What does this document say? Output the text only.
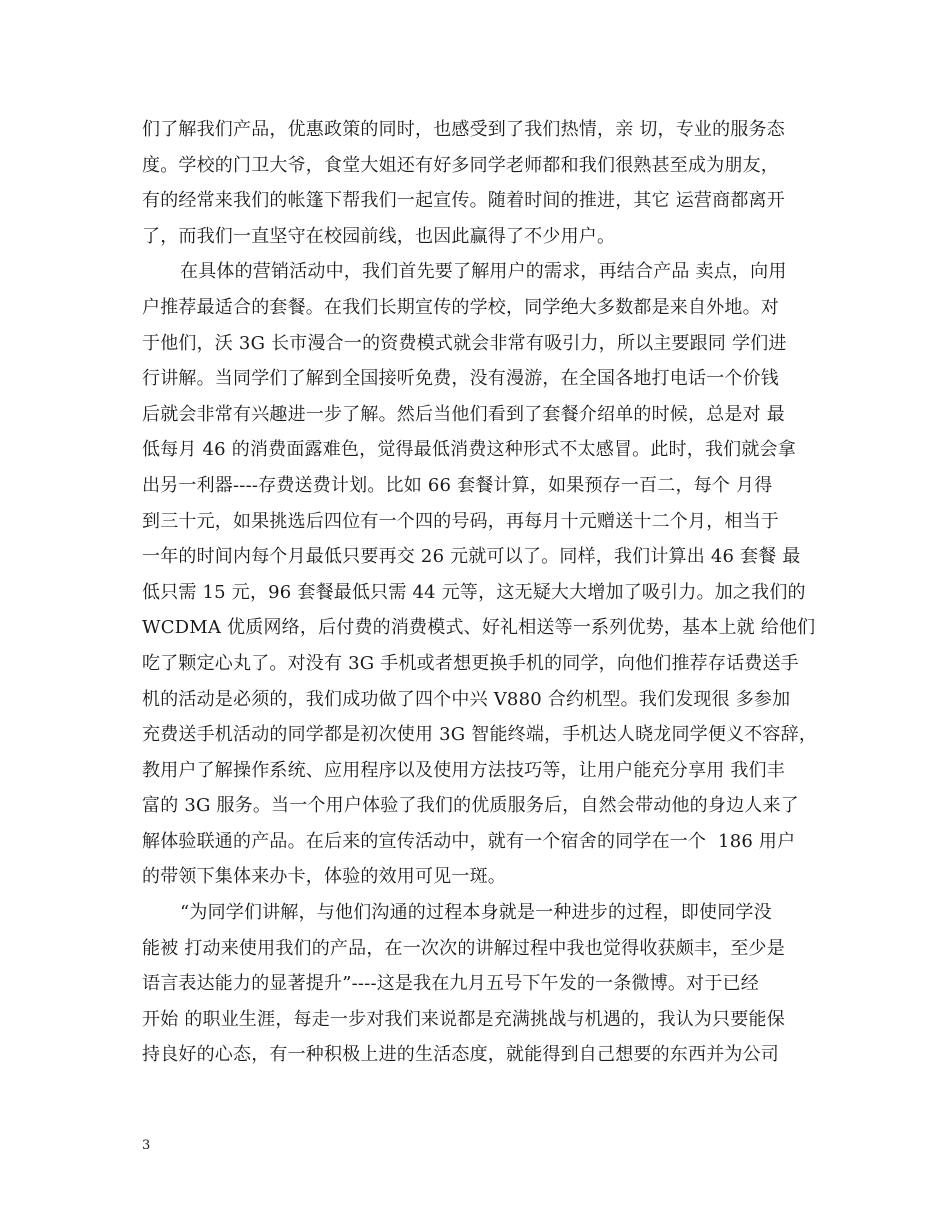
们了解我们产品，优惠政策的同时，也感受到了我们热情，亲 切，专业的服务态
度。学校的门卫大爷，食堂大姐还有好多同学老师都和我们很熟甚至成为朋友，
有的经常来我们的帐篷下帮我们一起宣传。随着时间的推进，其它 运营商都离开
了，而我们一直坚守在校园前线，也因此赢得了不少用户。
在具体的营销活动中，我们首先要了解用户的需求，再结合产品 卖点，向用
户推荐最适合的套餐。在我们长期宣传的学校，同学绝大多数都是来自外地。对
于他们，沃 3G 长市漫合一的资费模式就会非常有吸引力，所以主要跟同 学们进
行讲解。当同学们了解到全国接听免费，没有漫游，在全国各地打电话一个价钱
后就会非常有兴趣进一步了解。然后当他们看到了套餐介绍单的时候，总是对 最
低每月 46 的消费面露难色，觉得最低消费这种形式不太感冒。此时，我们就会拿
出另一利器----存费送费计划。比如 66 套餐计算，如果预存一百二，每个 月得
到三十元，如果挑选后四位有一个四的号码，再每月十元赠送十二个月，相当于
一年的时间内每个月最低只要再交 26 元就可以了。同样，我们计算出 46 套餐 最
低只需 15 元，96 套餐最低只需 44 元等，这无疑大大增加了吸引力。加之我们的
WCDMA 优质网络，后付费的消费模式、好礼相送等一系列优势，基本上就 给他们
吃了颗定心丸了。对没有 3G 手机或者想更换手机的同学，向他们推荐存话费送手
机的活动是必须的，我们成功做了四个中兴 V880 合约机型。我们发现很 多参加
充费送手机活动的同学都是初次使用 3G 智能终端，手机达人晓龙同学便义不容辞，
教用户了解操作系统、应用程序以及使用方法技巧等，让用户能充分享用 我们丰
富的 3G 服务。当一个用户体验了我们的优质服务后，自然会带动他的身边人来了
解体验联通的产品。在后来的宣传活动中，就有一个宿舍的同学在一个  186 用户
的带领下集体来办卡，体验的效用可见一斑。
“为同学们讲解，与他们沟通的过程本身就是一种进步的过程，即使同学没
能被 打动来使用我们的产品，在一次次的讲解过程中我也觉得收获颇丰，至少是
语言表达能力的显著提升”----这是我在九月五号下午发的一条微博。对于已经
开始 的职业生涯，每走一步对我们来说都是充满挑战与机遇的，我认为只要能保
持良好的心态，有一种积极上进的生活态度，就能得到自己想要的东西并为公司
3
